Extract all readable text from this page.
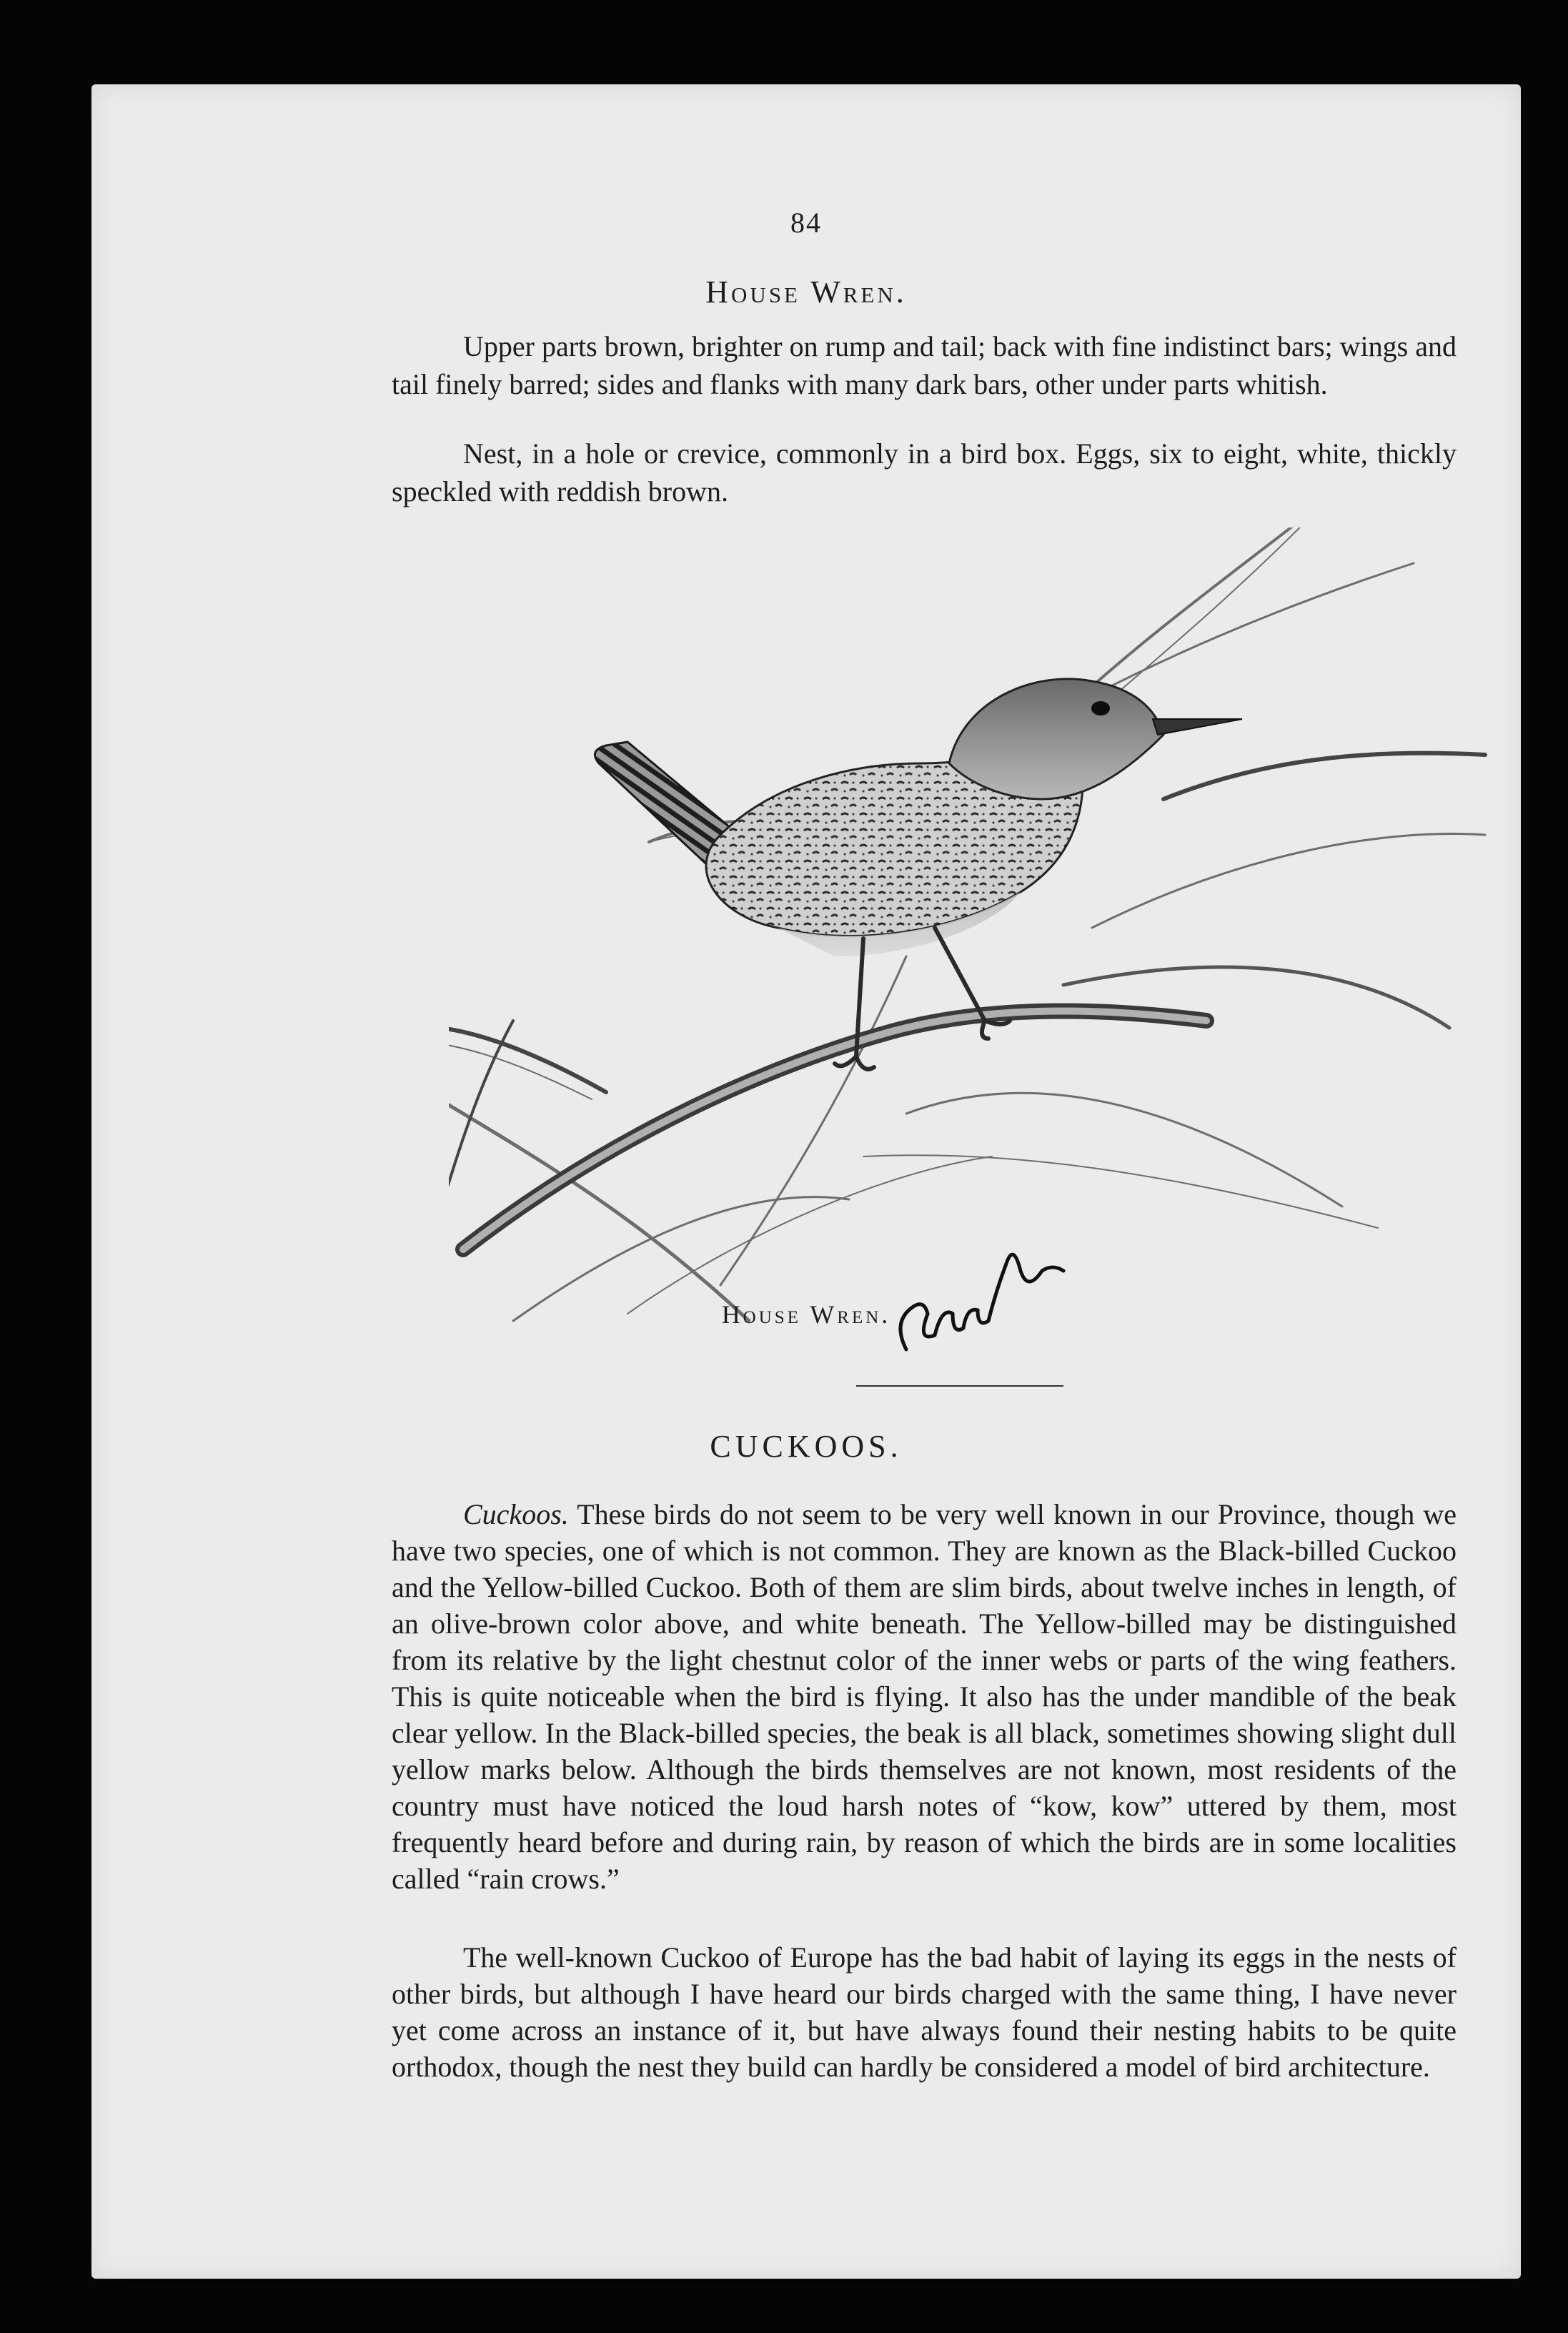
84
House Wren.

Upper parts brown, brighter on rump and tail; back with fine indistinct bars; wings and tail finely barred; sides and flanks with many dark bars, other under parts whitish.

Nest, in a hole or crevice, commonly in a bird box. Eggs, six to eight, white, thickly speckled with reddish brown.

House Wren.
CUCKOOS.

Cuckoos. These birds do not seem to be very well known in our Province, though we have two species, one of which is not common. They are known as the Black-billed Cuckoo and the Yellow-billed Cuckoo. Both of them are slim birds, about twelve inches in length, of an olive-brown color above, and white beneath. The Yellow-billed may be distinguished from its relative by the light chestnut color of the inner webs or parts of the wing feathers. This is quite noticeable when the bird is flying. It also has the under mandible of the beak clear yellow. In the Black-billed species, the beak is all black, sometimes showing slight dull yellow marks below. Although the birds themselves are not known, most residents of the country must have noticed the loud harsh notes of “kow, kow” uttered by them, most frequently heard before and during rain, by reason of which the birds are in some localities called “rain crows.”

The well-known Cuckoo of Europe has the bad habit of laying its eggs in the nests of other birds, but although I have heard our birds charged with the same thing, I have never yet come across an instance of it, but have always found their nesting habits to be quite orthodox, though the nest they build can hardly be considered a model of bird architecture.
